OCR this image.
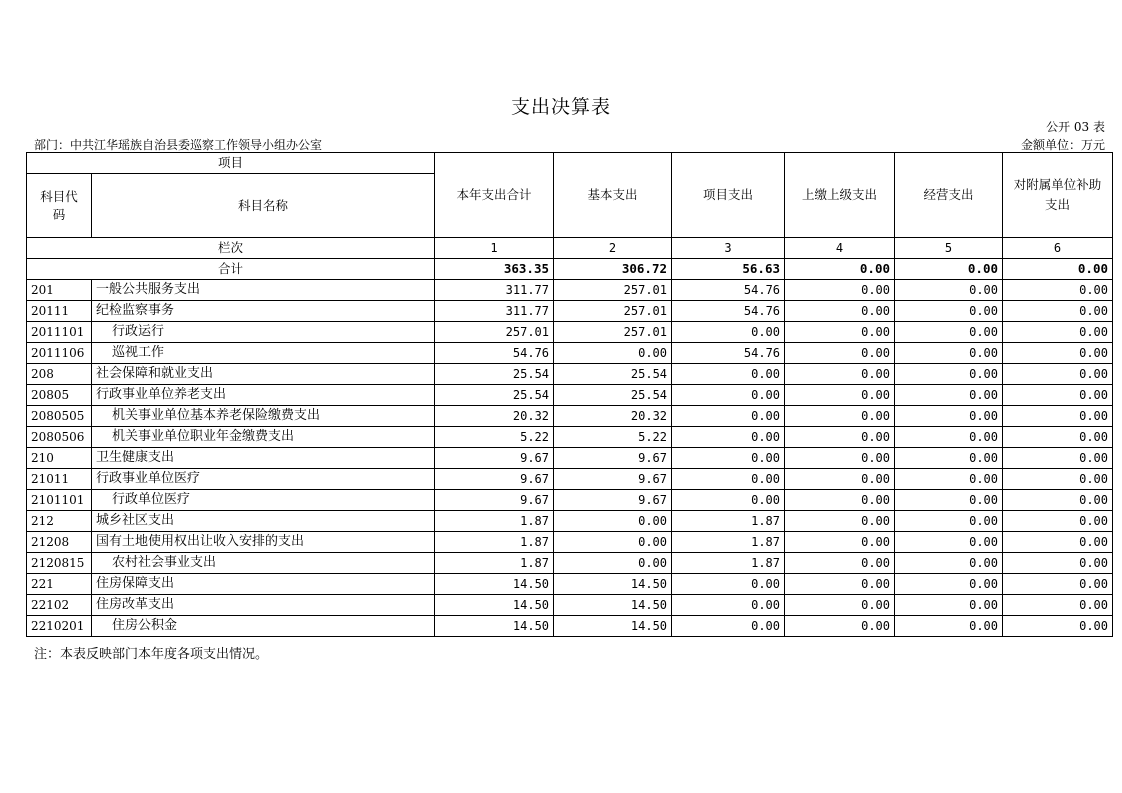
支出决算表
公开 03 表
部门：中共江华瑶族自治县委巡察工作领导小组办公室	金额单位：万元
项目		本年支出合计	基本支出	项目支出	上缴上级支出	经营支出	对附属单位补助支出
科目代码	科目名称						
栏次		1	2	3	4	5	6
合计		363.35	306.72	56.63	0.00	0.00	0.00
201	一般公共服务支出	311.77	257.01	54.76	0.00	0.00	0.00
20111	纪检监察事务	311.77	257.01	54.76	0.00	0.00	0.00
2011101	行政运行	257.01	257.01	0.00	0.00	0.00	0.00
2011106	巡视工作	54.76	0.00	54.76	0.00	0.00	0.00
208	社会保障和就业支出	25.54	25.54	0.00	0.00	0.00	0.00
20805	行政事业单位养老支出	25.54	25.54	0.00	0.00	0.00	0.00
2080505	机关事业单位基本养老保险缴费支出	20.32	20.32	0.00	0.00	0.00	0.00
2080506	机关事业单位职业年金缴费支出	5.22	5.22	0.00	0.00	0.00	0.00
210	卫生健康支出	9.67	9.67	0.00	0.00	0.00	0.00
21011	行政事业单位医疗	9.67	9.67	0.00	0.00	0.00	0.00
2101101	行政单位医疗	9.67	9.67	0.00	0.00	0.00	0.00
212	城乡社区支出	1.87	0.00	1.87	0.00	0.00	0.00
21208	国有土地使用权出让收入安排的支出	1.87	0.00	1.87	0.00	0.00	0.00
2120815	农村社会事业支出	1.87	0.00	1.87	0.00	0.00	0.00
221	住房保障支出	14.50	14.50	0.00	0.00	0.00	0.00
22102	住房改革支出	14.50	14.50	0.00	0.00	0.00	0.00
2210201	住房公积金	14.50	14.50	0.00	0.00	0.00	0.00
注：本表反映部门本年度各项支出情况。
